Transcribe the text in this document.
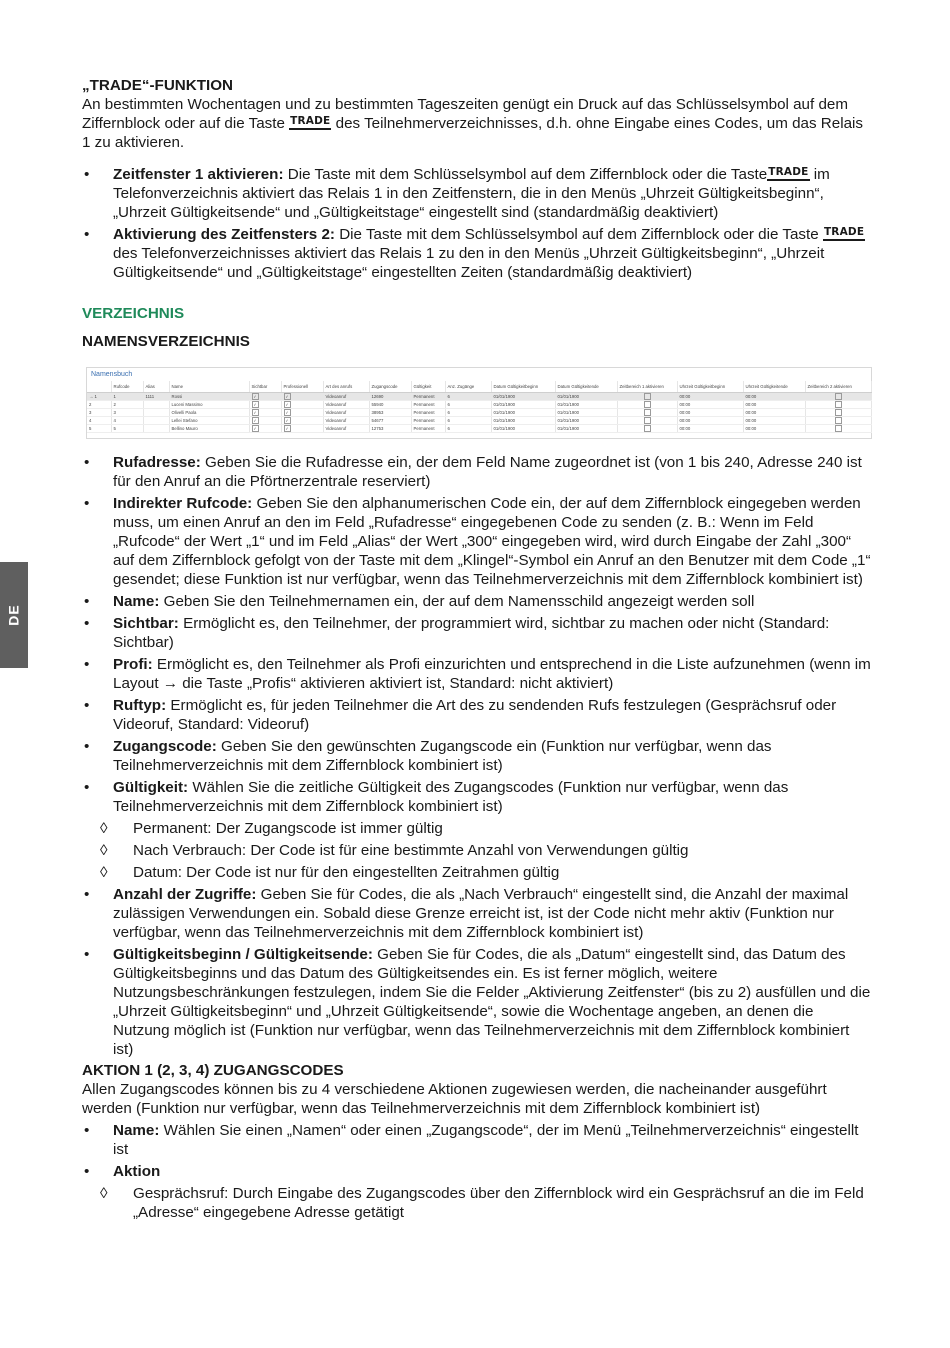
DE

„TRADE“-FUNKTION

An bestimmten Wochentagen und zu bestimmten Tageszeiten genügt ein Druck auf das Schlüsselsymbol auf dem Ziffernblock oder auf die Taste TRADE des Teilnehmerverzeichnisses, d.h. ohne Eingabe eines Codes, um das Relais 1 zu aktivieren.

• Zeitfenster 1 aktivieren: Die Taste mit dem Schlüsselsymbol auf dem Ziffernblock oder die TasteTRADE im Telefonverzeichnis aktiviert das Relais 1 in den Zeitfenstern, die in den Menüs „Uhrzeit Gültigkeitsbeginn“, „Uhrzeit Gültigkeitsende“ und „Gültigkeitstage“ eingestellt sind (standardmäßig deaktiviert)
• Aktivierung des Zeitfensters 2: Die Taste mit dem Schlüsselsymbol auf dem Ziffernblock oder die Taste TRADE des Telefonverzeichnisses aktiviert das Relais 1 zu den in den Menüs „Uhrzeit Gültigkeitsbeginn“, „Uhrzeit Gültigkeitsende“ und „Gültigkeitstage“ eingestellten Zeiten (standardmäßig deaktiviert)

VERZEICHNIS

NAMENSVERZEICHNIS

Namensbuch
	Rufcode	Alias	Name	Sichtbar	Professionell	Art des anrufs	Zugangscode	Gültigkeit	Anz. Zugänge	Datum Gültigkeitbeginn	Datum Gültigkeitende	Zeitbereich 1 aktivieren	Uhrzeit Gültigkeitbeginn	Uhrzeit Gültigkeitende	Zeitbereich 2 aktivieren
→ 1	1	1111	Rossi	✓	✓	Videoanruf	12690	Permanent	6	01/01/1900	01/01/1900		00:00	00:00	
2	2		Luceni Massimo	✓	✓	Videoanruf	55940	Permanent	6	01/01/1900	01/01/1900		00:00	00:00	
3	3		Olivelli Paola	✓	✓	Videoanruf	38953	Permanent	6	01/01/1900	01/01/1900		00:00	00:00	
4	4		Lellei Stefano	✓	✓	Videoanruf	54677	Permanent	6	01/01/1900	01/01/1900		00:00	00:00	
5	5		Bellino Mauro	✓	✓	Videoanruf	12753	Permanent	6	01/01/1900	01/01/1900		00:00	00:00	
• Rufadresse: Geben Sie die Rufadresse ein, der dem Feld Name zugeordnet ist (von 1 bis 240, Adresse 240 ist für den Anruf an die Pförtnerzentrale reserviert)
• Indirekter Rufcode: Geben Sie den alphanumerischen Code ein, der auf dem Ziffernblock eingegeben werden muss, um einen Anruf an den im Feld „Rufadresse“ eingegebenen Code zu senden (z. B.: Wenn im Feld „Rufcode“ der Wert „1“ und im Feld „Alias“ der Wert „300“ eingegeben wird, wird durch Eingabe der Zahl „300“ auf dem Ziffernblock gefolgt von der Taste mit dem „Klingel“-Symbol ein Anruf an den Benutzer mit dem Code „1“ gesendet; diese Funktion ist nur verfügbar, wenn das Teilnehmerverzeichnis mit dem Ziffernblock kombiniert ist)
• Name: Geben Sie den Teilnehmernamen ein, der auf dem Namensschild angezeigt werden soll
• Sichtbar: Ermöglicht es, den Teilnehmer, der programmiert wird, sichtbar zu machen oder nicht (Standard: Sichtbar)
• Profi: Ermöglicht es, den Teilnehmer als Profi einzurichten und entsprechend in die Liste aufzunehmen (wenn im Layout → die Taste „Profis“ aktivieren aktiviert ist, Standard: nicht aktiviert)
• Ruftyp: Ermöglicht es, für jeden Teilnehmer die Art des zu sendenden Rufs festzulegen (Gesprächsruf oder Videoruf, Standard: Videoruf)
• Zugangscode: Geben Sie den gewünschten Zugangscode ein (Funktion nur verfügbar, wenn das Teilnehmerverzeichnis mit dem Ziffernblock kombiniert ist)
• Gültigkeit: Wählen Sie die zeitliche Gültigkeit des Zugangscodes (Funktion nur verfügbar, wenn das Teilnehmerverzeichnis mit dem Ziffernblock kombiniert ist)
◊ Permanent: Der Zugangscode ist immer gültig
◊ Nach Verbrauch: Der Code ist für eine bestimmte Anzahl von Verwendungen gültig
◊ Datum: Der Code ist nur für den eingestellten Zeitrahmen gültig
• Anzahl der Zugriffe: Geben Sie für Codes, die als „Nach Verbrauch“ eingestellt sind, die Anzahl der maximal zulässigen Verwendungen ein. Sobald diese Grenze erreicht ist, ist der Code nicht mehr aktiv (Funktion nur verfügbar, wenn das Teilnehmerverzeichnis mit dem Ziffernblock kombiniert ist)
• Gültigkeitsbeginn / Gültigkeitsende: Geben Sie für Codes, die als „Datum“ eingestellt sind, das Datum des Gültigkeitsbeginns und das Datum des Gültigkeitsendes ein. Es ist ferner möglich, weitere Nutzungsbeschränkungen festzulegen, indem Sie die Felder „Aktivierung Zeitfenster“ (bis zu 2) ausfüllen und die „Uhrzeit Gültigkeitsbeginn“ und „Uhrzeit Gültigkeitsende“, sowie die Wochentage angeben, an denen die Nutzung möglich ist (Funktion nur verfügbar, wenn das Teilnehmerverzeichnis mit dem Ziffernblock kombiniert ist)

AKTION 1 (2, 3, 4) ZUGANGSCODES

Allen Zugangscodes können bis zu 4 verschiedene Aktionen zugewiesen werden, die nacheinander ausgeführt werden (Funktion nur verfügbar, wenn das Teilnehmerverzeichnis mit dem Ziffernblock kombiniert ist)

• Name: Wählen Sie einen „Namen“ oder einen „Zugangscode“, der im Menü „Teilnehmerverzeichnis“ eingestellt ist
• Aktion
◊ Gesprächsruf: Durch Eingabe des Zugangscodes über den Ziffernblock wird ein Gesprächsruf an die im Feld „Adresse“ eingegebene Adresse getätigt
